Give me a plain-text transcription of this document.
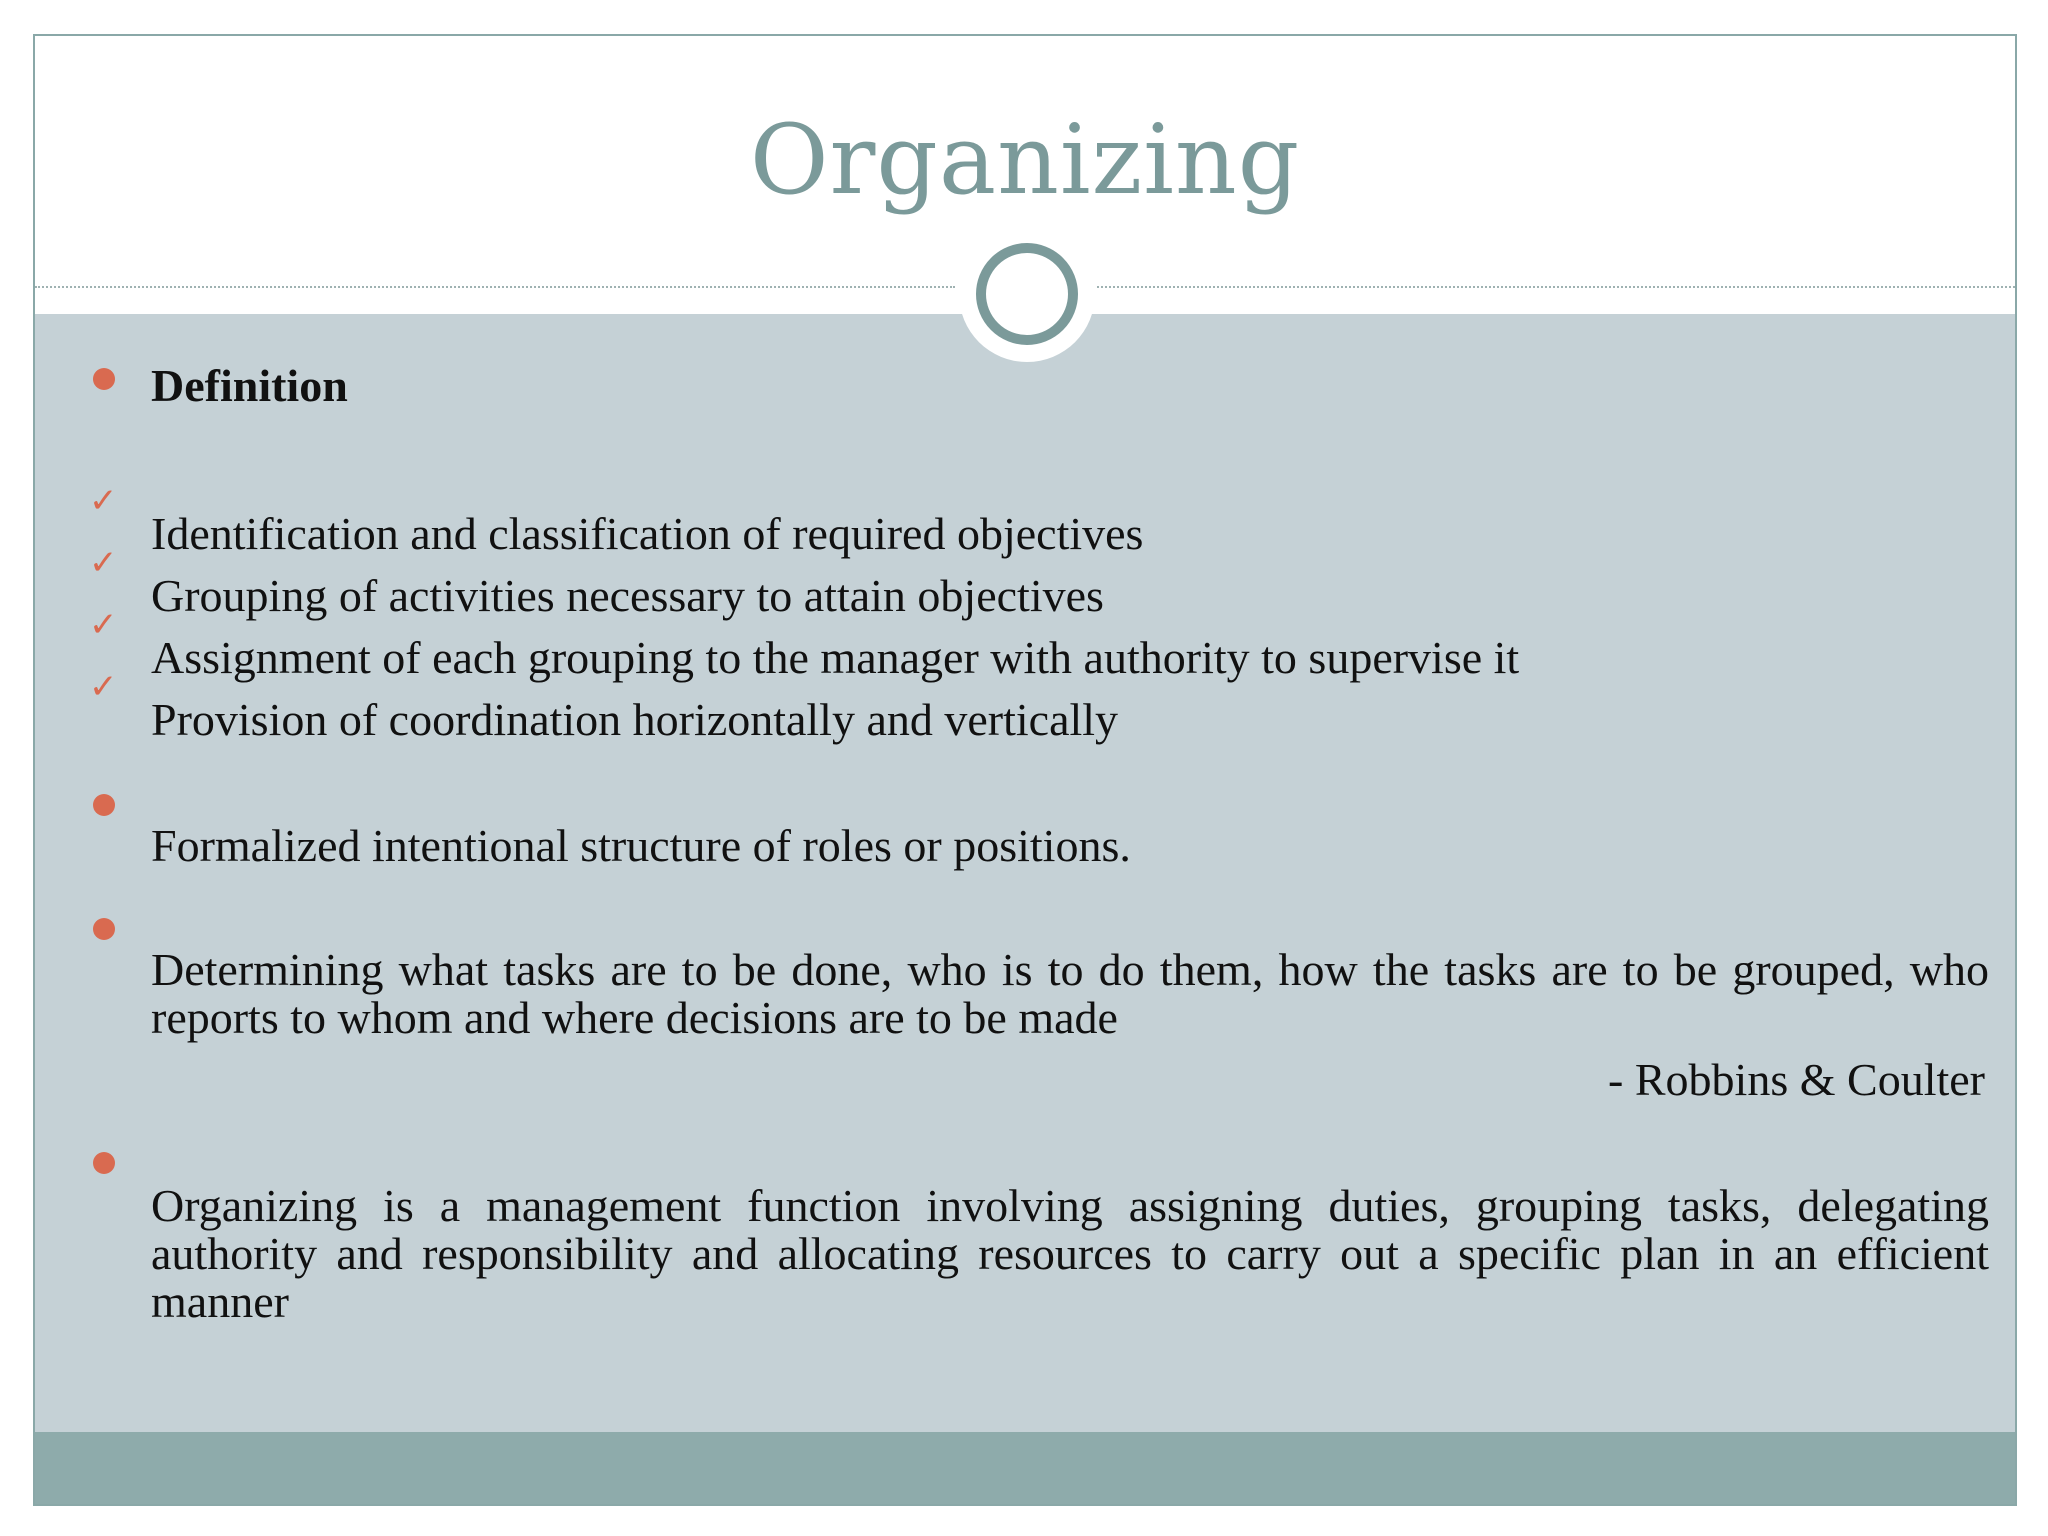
Organizing
Definition
✓
Identification and classification of required objectives
✓
Grouping of activities necessary to attain objectives
✓
Assignment of each grouping to the manager with authority to supervise it
✓
Provision of coordination horizontally and vertically
Formalized intentional structure of roles or positions.
Determining what tasks are to be done, who is to do them, how the tasks are to be grouped, who reports to whom and where decisions are to be made
- Robbins & Coulter
Organizing is a management function involving assigning duties, grouping tasks, delegating authority and responsibility and allocating resources to carry out a specific plan in an efficient manner
